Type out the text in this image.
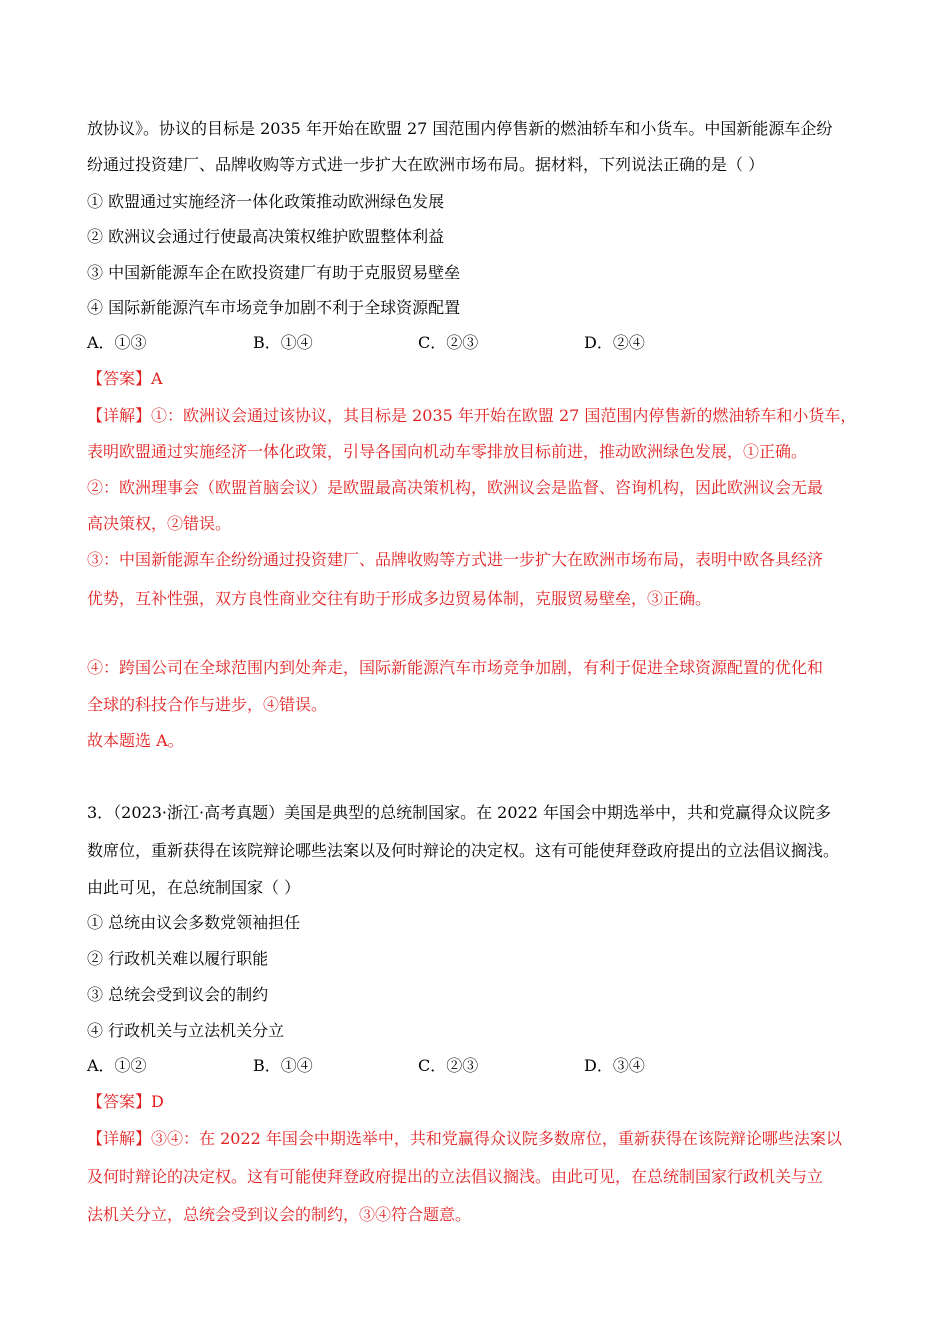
放协议》。协议的目标是 2035 年开始在欧盟 27 国范围内停售新的燃油轿车和小货车。中国新能源车企纷
纷通过投资建厂、品牌收购等方式进一步扩大在欧洲市场布局。据材料，下列说法正确的是（ ）
① 欧盟通过实施经济一体化政策推动欧洲绿色发展
② 欧洲议会通过行使最高决策权维护欧盟整体利益
③ 中国新能源车企在欧投资建厂有助于克服贸易壁垒
④ 国际新能源汽车市场竞争加剧不利于全球资源配置
A．①③	B．①④	C．②③	D．②④
【答案】A
【详解】①：欧洲议会通过该协议，其目标是 2035 年开始在欧盟 27 国范围内停售新的燃油轿车和小货车，
表明欧盟通过实施经济一体化政策，引导各国向机动车零排放目标前进，推动欧洲绿色发展，①正确。
②：欧洲理事会（欧盟首脑会议）是欧盟最高决策机构，欧洲议会是监督、咨询机构，因此欧洲议会无最
高决策权，②错误。
③：中国新能源车企纷纷通过投资建厂、品牌收购等方式进一步扩大在欧洲市场布局，表明中欧各具经济
优势，互补性强，双方良性商业交往有助于形成多边贸易体制，克服贸易壁垒，③正确。
④：跨国公司在全球范围内到处奔走，国际新能源汽车市场竞争加剧，有利于促进全球资源配置的优化和
全球的科技合作与进步，④错误。
故本题选 A。
3．（2023·浙江·高考真题）美国是典型的总统制国家。在 2022 年国会中期选举中，共和党赢得众议院多
数席位，重新获得在该院辩论哪些法案以及何时辩论的决定权。这有可能使拜登政府提出的立法倡议搁浅。
由此可见，在总统制国家（ ）
① 总统由议会多数党领袖担任
② 行政机关难以履行职能
③ 总统会受到议会的制约
④ 行政机关与立法机关分立
A．①②	B．①④	C．②③	D．③④
【答案】D
【详解】③④：在 2022 年国会中期选举中，共和党赢得众议院多数席位，重新获得在该院辩论哪些法案以
及何时辩论的决定权。这有可能使拜登政府提出的立法倡议搁浅。由此可见，在总统制国家行政机关与立
法机关分立，总统会受到议会的制约，③④符合题意。
